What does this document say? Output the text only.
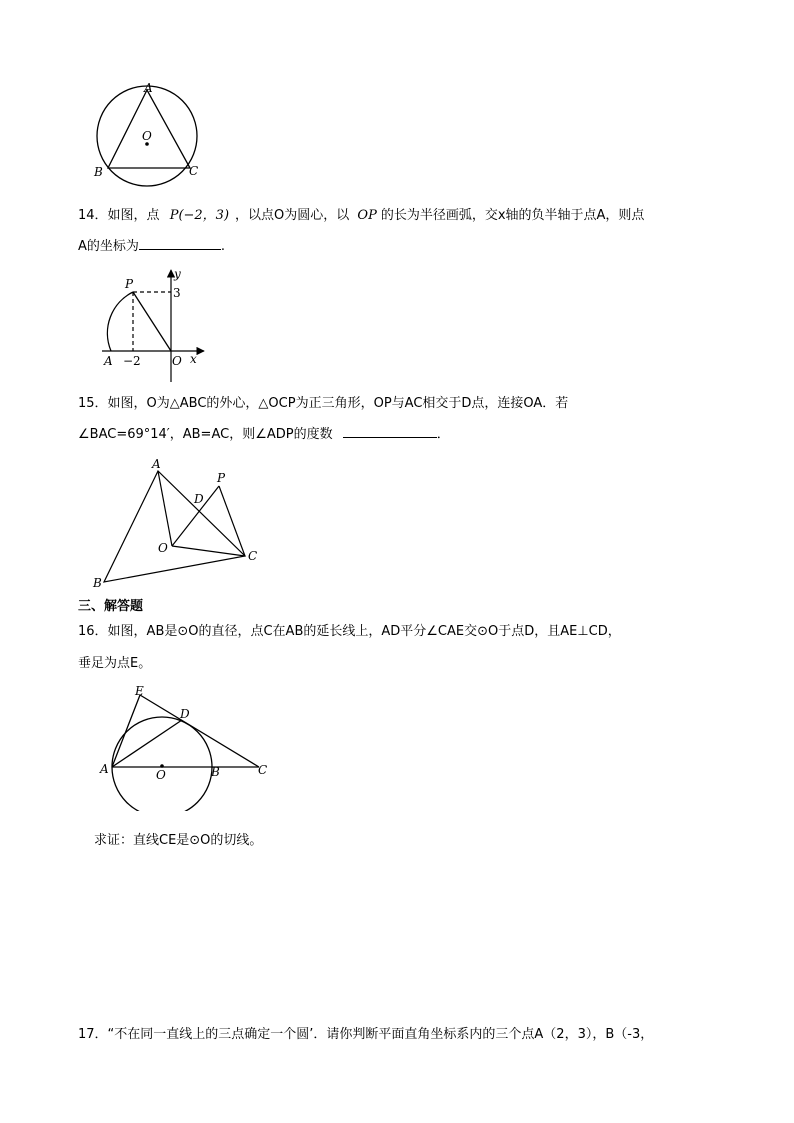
A
O
B	C
14．如图，点 P(−2，3) ，以点O为圆心，以 OP 的长为半径画弧，交x轴的负半轴于点A，则点
A的坐标为	.
y
3
P
A −2	O x
15．如图，O为△ABC的外心，△OCP为正三角形，OP与AC相交于D点，连接OA．若
∠BAC=69°14′，AB=AC，则∠ADP的度数	．
A
P
D
O
C
B
三、解答题
16．如图，AB是⊙O的直径，点C在AB的延长线上，AD平分∠CAE交⊙O于点D，且AE⊥CD，
垂足为点E。
E
D
A	O	B	C
求证：直线CE是⊙O的切线。
17．“不在同一直线上的三点确定一个圆’．请你判断平面直角坐标系内的三个点A（2，3），B（-3，
